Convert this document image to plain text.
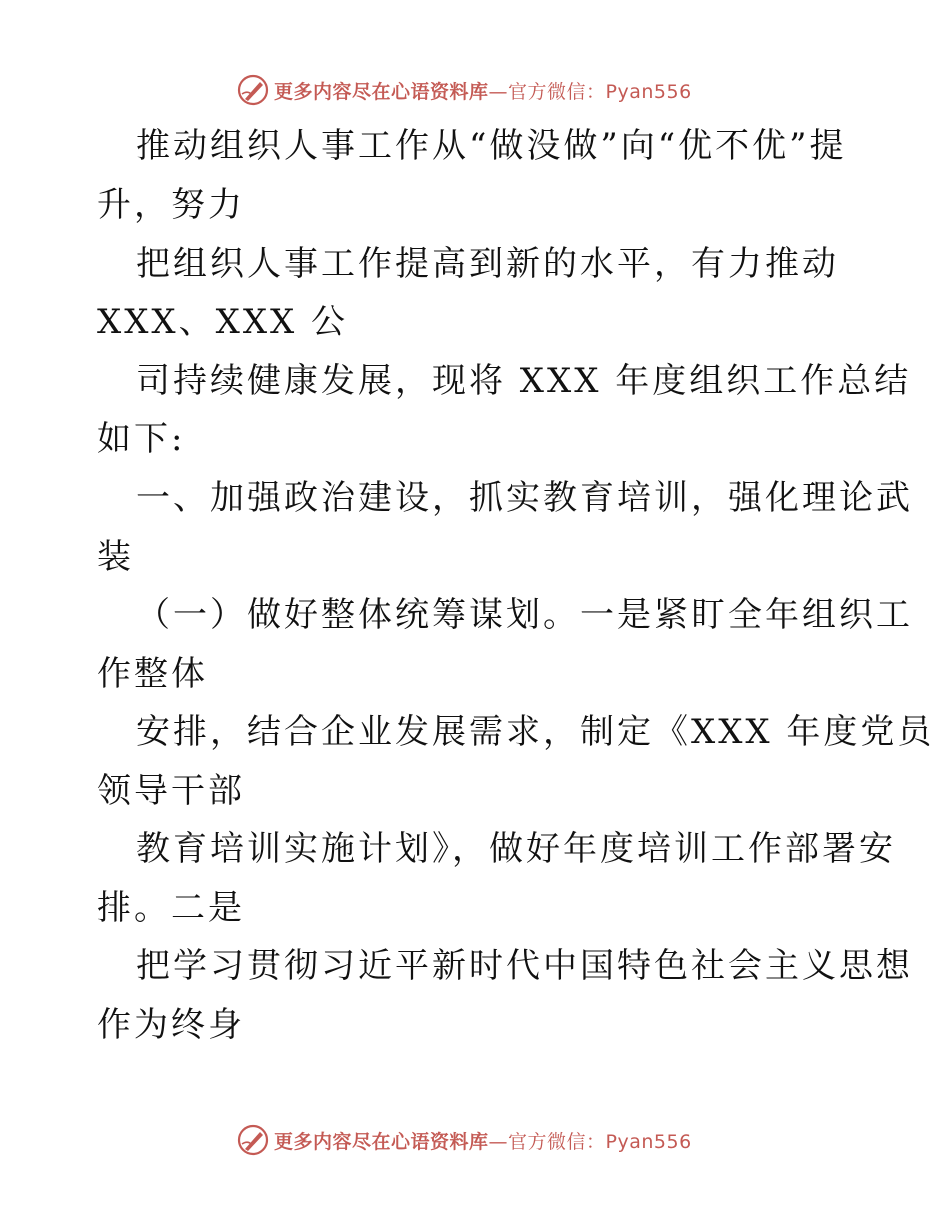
更多内容尽在心语资料库—官方微信：Pyan556
推动组织人事工作从“做没做”向“优不优”提
升，努力
把组织人事工作提高到新的水平，有力推动
XXX、XXX 公
司持续健康发展，现将 XXX 年度组织工作总结
如下:
一、加强政治建设，抓实教育培训，强化理论武
装
（一）做好整体统筹谋划。一是紧盯全年组织工
作整体
安排，结合企业发展需求，制定《XXX 年度党员
领导干部
教育培训实施计划》，做好年度培训工作部署安
排。二是
把学习贯彻习近平新时代中国特色社会主义思想
作为终身
更多内容尽在心语资料库—官方微信：Pyan556
